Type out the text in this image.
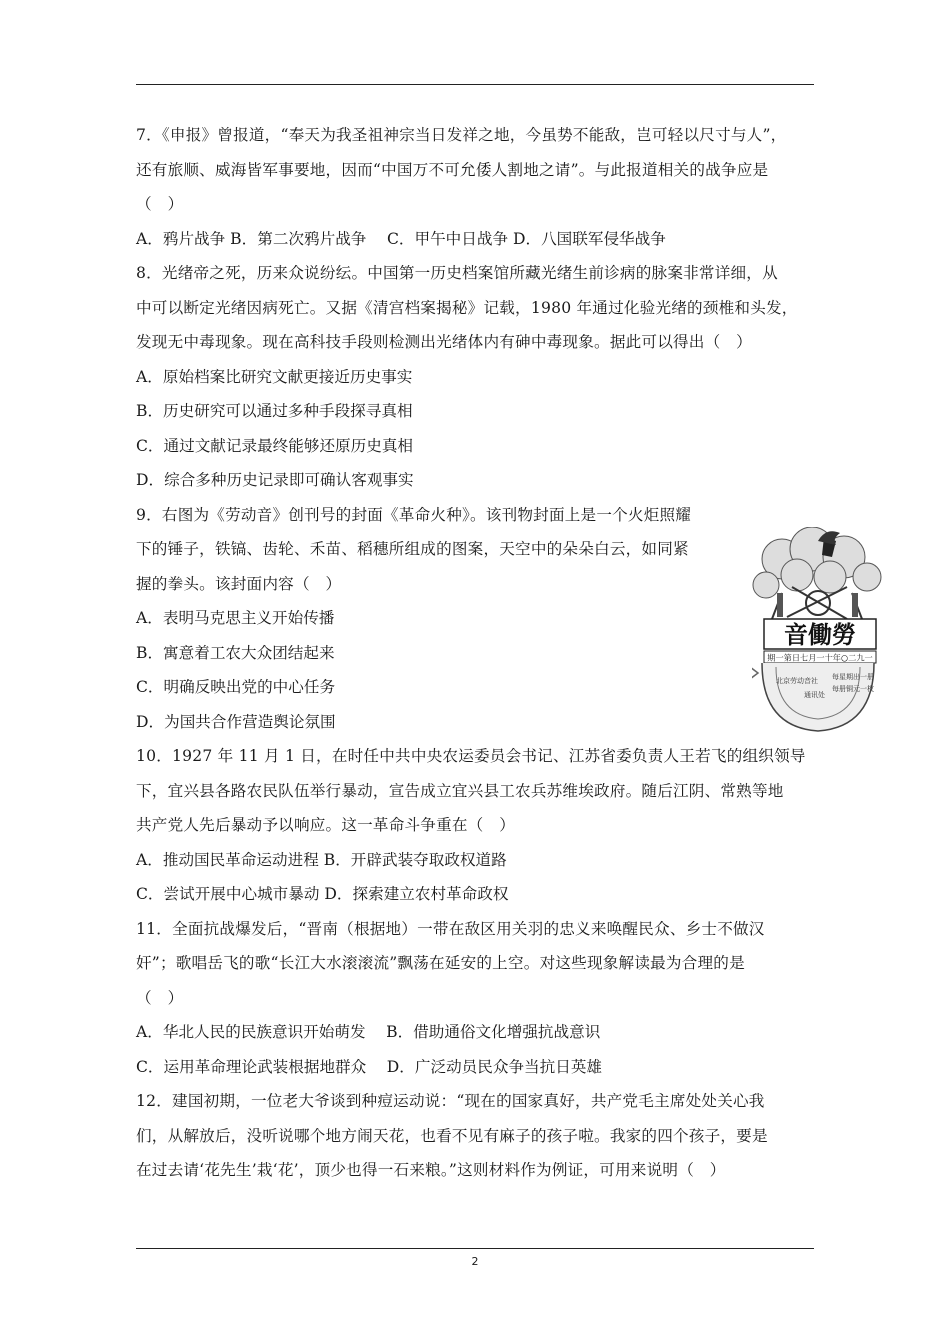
7．《申报》曾报道，“奉天为我圣祖神宗当日发祥之地，今虽势不能敌，岂可轻以尺寸与人”，
还有旅顺、威海皆军事要地，因而“中国万不可允倭人割地之请”。与此报道相关的战争应是
（　）
A．鸦片战争 B．第二次鸦片战争　 C．甲午中日战争 D．八国联军侵华战争
8．光绪帝之死，历来众说纷纭。中国第一历史档案馆所藏光绪生前诊病的脉案非常详细，从
中可以断定光绪因病死亡。又据《清宫档案揭秘》记载，1980 年通过化验光绪的颈椎和头发，
发现无中毒现象。现在高科技手段则检测出光绪体内有砷中毒现象。据此可以得出（　）
A．原始档案比研究文献更接近历史事实
B．历史研究可以通过多种手段探寻真相
C．通过文献记录最终能够还原历史真相
D．综合多种历史记录即可确认客观事实
9．右图为《劳动音》创刊号的封面《革命火种》。该刊物封面上是一个火炬照耀
下的锤子，铁镐、齿轮、禾苗、稻穗所组成的图案，天空中的朵朵白云，如同紧
握的拳头。该封面内容（　）
A．表明马克思主义开始传播
B．寓意着工农大众团结起来
C．明确反映出党的中心任务
D．为国共合作营造舆论氛围
10．1927 年 11 月 1 日，在时任中共中央农运委员会书记、江苏省委负责人王若飞的组织领导
下，宜兴县各路农民队伍举行暴动，宣告成立宜兴县工农兵苏维埃政府。随后江阴、常熟等地
共产党人先后暴动予以响应。这一革命斗争重在（　）
A．推动国民革命运动进程 B．开辟武装夺取政权道路
C．尝试开展中心城市暴动 D．探索建立农村革命政权
11．全面抗战爆发后，“晋南（根据地）一带在敌区用关羽的忠义来唤醒民众、乡士不做汉
奸”；歌唱岳飞的歌“长江大水滚滚流”飘荡在延安的上空。对这些现象解读最为合理的是
（　）
A．华北人民的民族意识开始萌发　 B．借助通俗文化增强抗战意识
C．运用革命理论武装根据地群众　 D．广泛动员民众争当抗日英雄
12．建国初期，一位老大爷谈到种痘运动说：“现在的国家真好，共产党毛主席处处关心我
们，从解放后，没听说哪个地方闹天花，也看不见有麻子的孩子啦。我家的四个孩子，要是
在过去请‘花先生’栽‘花’，顶少也得一石来粮。”这则材料作为例证，可用来说明（　）
音働勞
期一第日七月一十年○二九一
北京劳动音社
通讯处
每星期出一册
每册铜元一枚
2
